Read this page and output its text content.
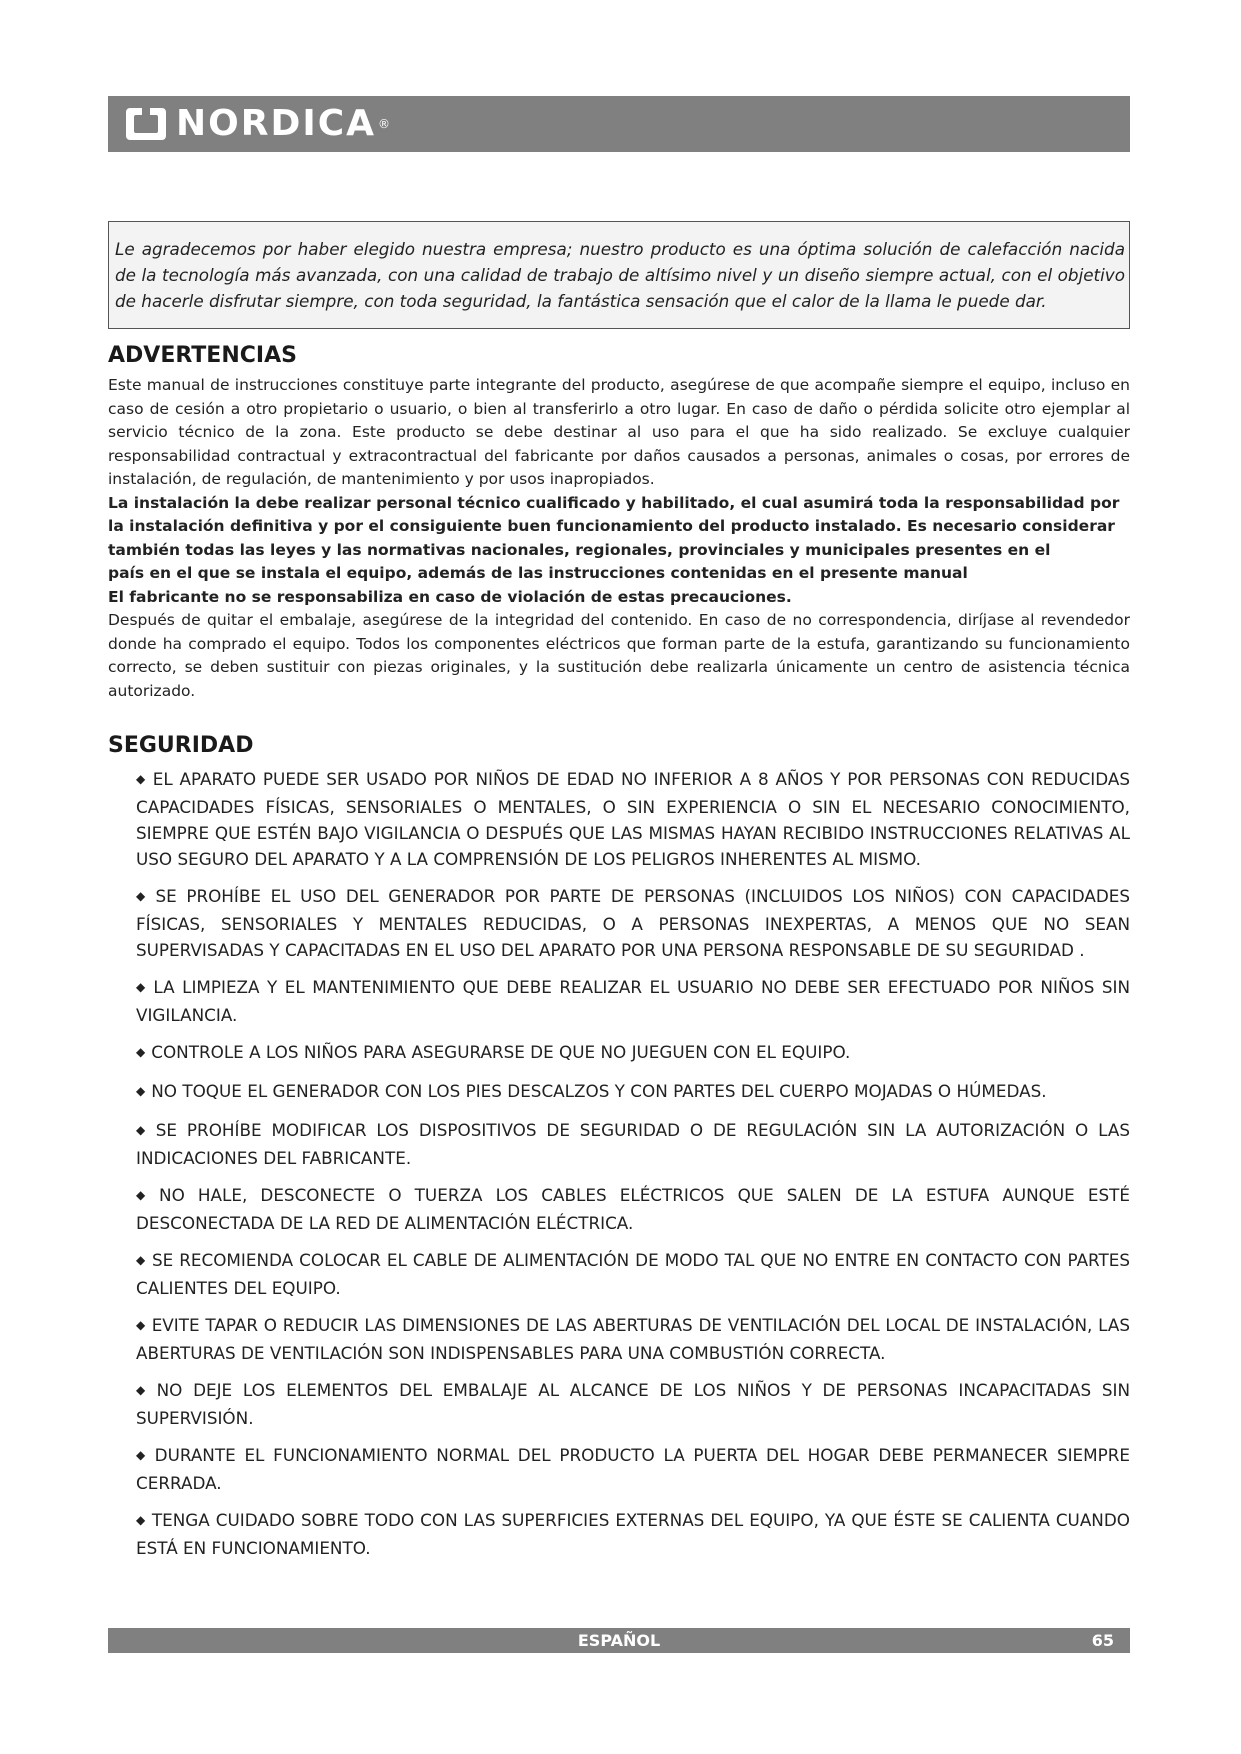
NORDICA ®

Le agradecemos por haber elegido nuestra empresa; nuestro producto es una óptima solución de calefacción nacida de la tecnología más avanzada, con una calidad de trabajo de altísimo nivel y un diseño siempre actual, con el objetivo de hacerle disfrutar siempre, con toda seguridad, la fantástica sensación que el calor de la llama le puede dar.

ADVERTENCIAS

Este manual de instrucciones constituye parte integrante del producto, asegúrese de que acompañe siempre el equipo, incluso en caso de cesión a otro propietario o usuario, o bien al transferirlo a otro lugar. En caso de daño o pérdida solicite otro ejemplar al servicio técnico de la zona. Este producto se debe destinar al uso para el que ha sido realizado. Se excluye cualquier responsabilidad contractual y extracontractual del fabricante por daños causados a personas, animales o cosas, por errores de instalación, de regulación, de mantenimiento y por usos inapropiados.

La instalación la debe realizar personal técnico cualificado y habilitado, el cual asumirá toda la responsabilidad por

la instalación definitiva y por el consiguiente buen funcionamiento del producto instalado. Es necesario considerar

también todas las leyes y las normativas nacionales, regionales, provinciales y municipales presentes en el

país en el que se instala el equipo, además de las instrucciones contenidas en el presente manual

El fabricante no se responsabiliza en caso de violación de estas precauciones.

Después de quitar el embalaje, asegúrese de la integridad del contenido. En caso de no correspondencia, diríjase al revendedor donde ha comprado el equipo. Todos los componentes eléctricos que forman parte de la estufa, garantizando su funcionamiento correcto, se deben sustituir con piezas originales, y la sustitución debe realizarla únicamente un centro de asistencia técnica autorizado.

SEGURIDAD

◆ EL APARATO PUEDE SER USADO POR NIÑOS DE EDAD NO INFERIOR A 8 AÑOS Y POR PERSONAS CON REDUCIDAS CAPACIDADES FÍSICAS, SENSORIALES O MENTALES, O SIN EXPERIENCIA O SIN EL NECESARIO CONOCIMIENTO, SIEMPRE QUE ESTÉN BAJO VIGILANCIA O DESPUÉS QUE LAS MISMAS HAYAN RECIBIDO INSTRUCCIONES RELATIVAS AL USO SEGURO DEL APARATO Y A LA COMPRENSIÓN DE LOS PELIGROS INHERENTES AL MISMO.

◆ SE PROHÍBE EL USO DEL GENERADOR POR PARTE DE PERSONAS (INCLUIDOS LOS NIÑOS) CON CAPACIDADES FÍSICAS, SENSORIALES Y MENTALES REDUCIDAS, O A PERSONAS INEXPERTAS, A MENOS QUE NO SEAN SUPERVISADAS Y CAPACITADAS EN EL USO DEL APARATO POR UNA PERSONA RESPONSABLE DE SU SEGURIDAD .

◆ LA LIMPIEZA Y EL MANTENIMIENTO QUE DEBE REALIZAR EL USUARIO NO DEBE SER EFECTUADO POR NIÑOS SIN VIGILANCIA.

◆ CONTROLE A LOS NIÑOS PARA ASEGURARSE DE QUE NO JUEGUEN CON EL EQUIPO.

◆ NO TOQUE EL GENERADOR CON LOS PIES DESCALZOS Y CON PARTES DEL CUERPO MOJADAS O HÚMEDAS.

◆ SE PROHÍBE MODIFICAR LOS DISPOSITIVOS DE SEGURIDAD O DE REGULACIÓN SIN LA AUTORIZACIÓN O LAS INDICACIONES DEL FABRICANTE.

◆ NO HALE, DESCONECTE O TUERZA LOS CABLES ELÉCTRICOS QUE SALEN DE LA ESTUFA AUNQUE ESTÉ DESCONECTADA DE LA RED DE ALIMENTACIÓN ELÉCTRICA.

◆ SE RECOMIENDA COLOCAR EL CABLE DE ALIMENTACIÓN DE MODO TAL QUE NO ENTRE EN CONTACTO CON PARTES CALIENTES DEL EQUIPO.

◆ EVITE TAPAR O REDUCIR LAS DIMENSIONES DE LAS ABERTURAS DE VENTILACIÓN DEL LOCAL DE INSTALACIÓN, LAS ABERTURAS DE VENTILACIÓN SON INDISPENSABLES PARA UNA COMBUSTIÓN CORRECTA.

◆ NO DEJE LOS ELEMENTOS DEL EMBALAJE AL ALCANCE DE LOS NIÑOS Y DE PERSONAS INCAPACITADAS SIN SUPERVISIÓN.

◆ DURANTE EL FUNCIONAMIENTO NORMAL DEL PRODUCTO LA PUERTA DEL HOGAR DEBE PERMANECER SIEMPRE CERRADA.

◆ TENGA CUIDADO SOBRE TODO CON LAS SUPERFICIES EXTERNAS DEL EQUIPO, YA QUE ÉSTE SE CALIENTA CUANDO ESTÁ EN FUNCIONAMIENTO.

ESPAÑOL	65
